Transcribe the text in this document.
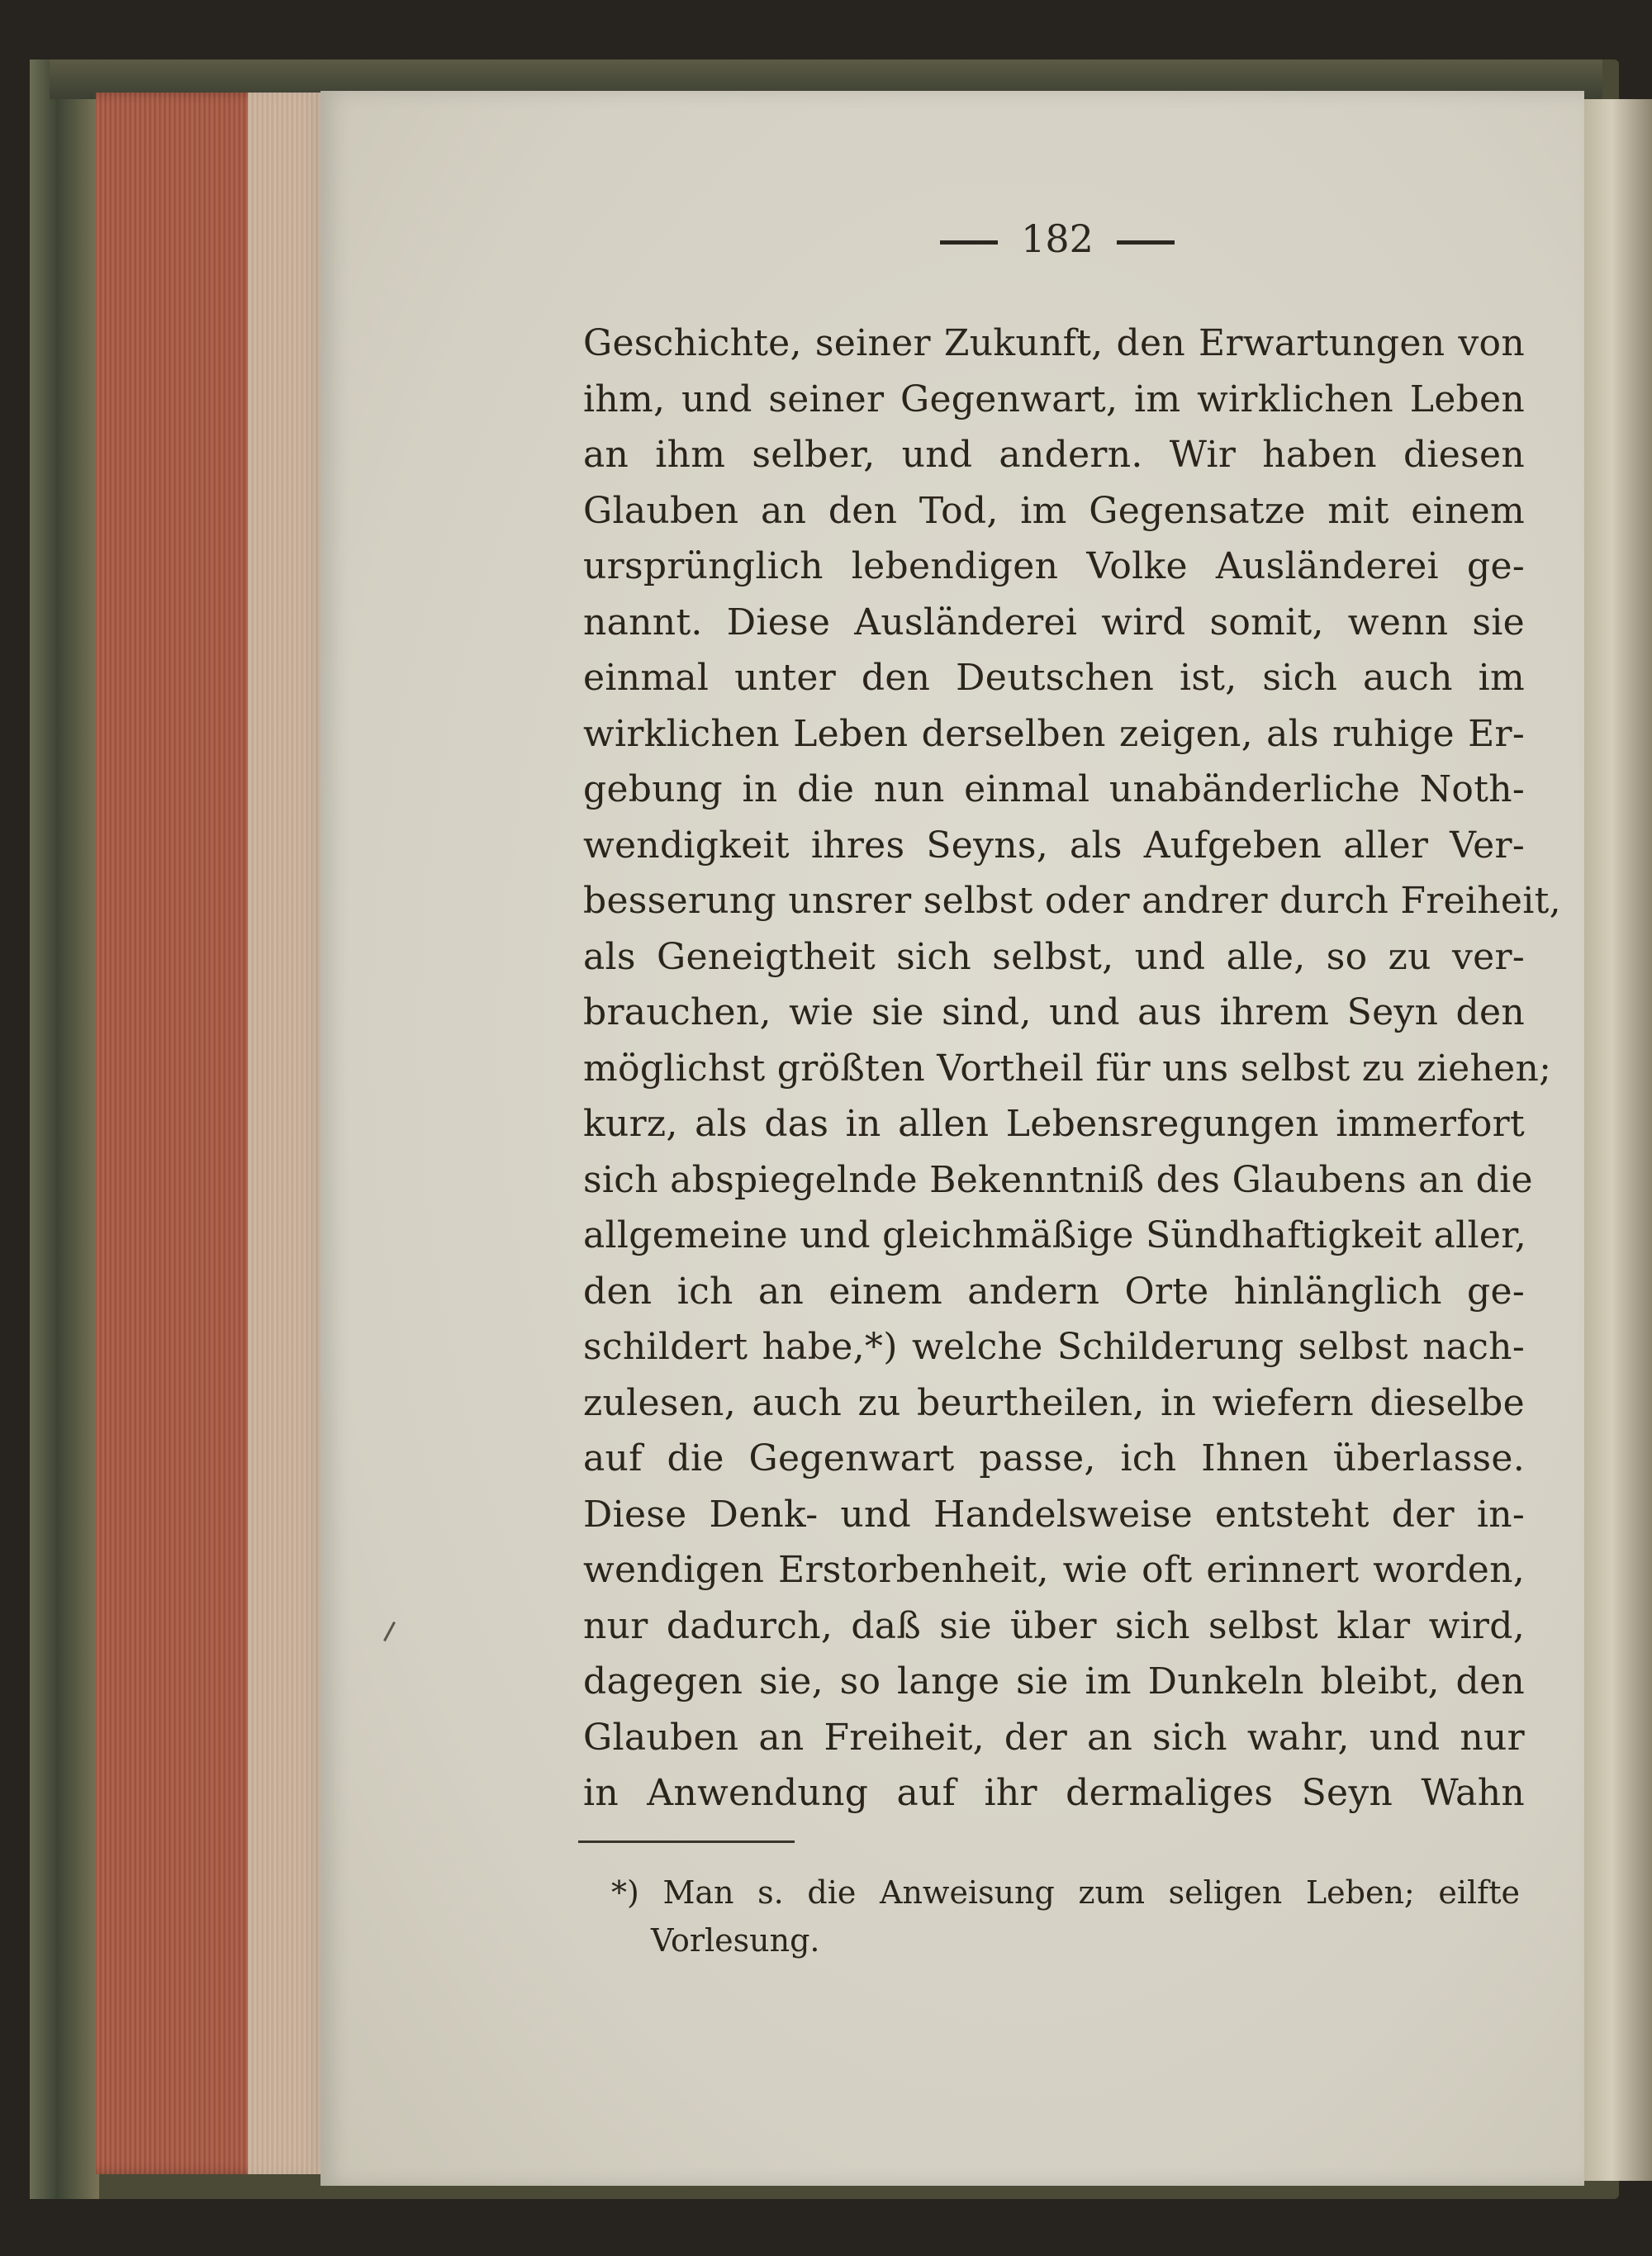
182
Geschichte, seiner Zukunft, den Erwartungen von
ihm, und seiner Gegenwart, im wirklichen Leben
an ihm selber, und andern. Wir haben diesen
Glauben an den Tod, im Gegensatze mit einem
ursprünglich lebendigen Volke Ausländerei ge-
nannt. Diese Ausländerei wird somit, wenn sie
einmal unter den Deutschen ist, sich auch im
wirklichen Leben derselben zeigen, als ruhige Er-
gebung in die nun einmal unabänderliche Noth-
wendigkeit ihres Seyns, als Aufgeben aller Ver-
besserung unsrer selbst oder andrer durch Freiheit,
als Geneigtheit sich selbst, und alle, so zu ver-
brauchen, wie sie sind, und aus ihrem Seyn den
möglichst größten Vortheil für uns selbst zu ziehen;
kurz, als das in allen Lebensregungen immerfort
sich abspiegelnde Bekenntniß des Glaubens an die
allgemeine und gleichmäßige Sündhaftigkeit aller,
den ich an einem andern Orte hinlänglich ge-
schildert habe,*) welche Schilderung selbst nach-
zulesen, auch zu beurtheilen, in wiefern dieselbe
auf die Gegenwart passe, ich Ihnen überlasse.
Diese Denk- und Handelsweise entsteht der in-
wendigen Erstorbenheit, wie oft erinnert worden,
nur dadurch, daß sie über sich selbst klar wird,
dagegen sie, so lange sie im Dunkeln bleibt, den
Glauben an Freiheit, der an sich wahr, und nur
in Anwendung auf ihr dermaliges Seyn Wahn
*) Man s. die Anweisung zum seligen Leben; eilfte
Vorlesung.
